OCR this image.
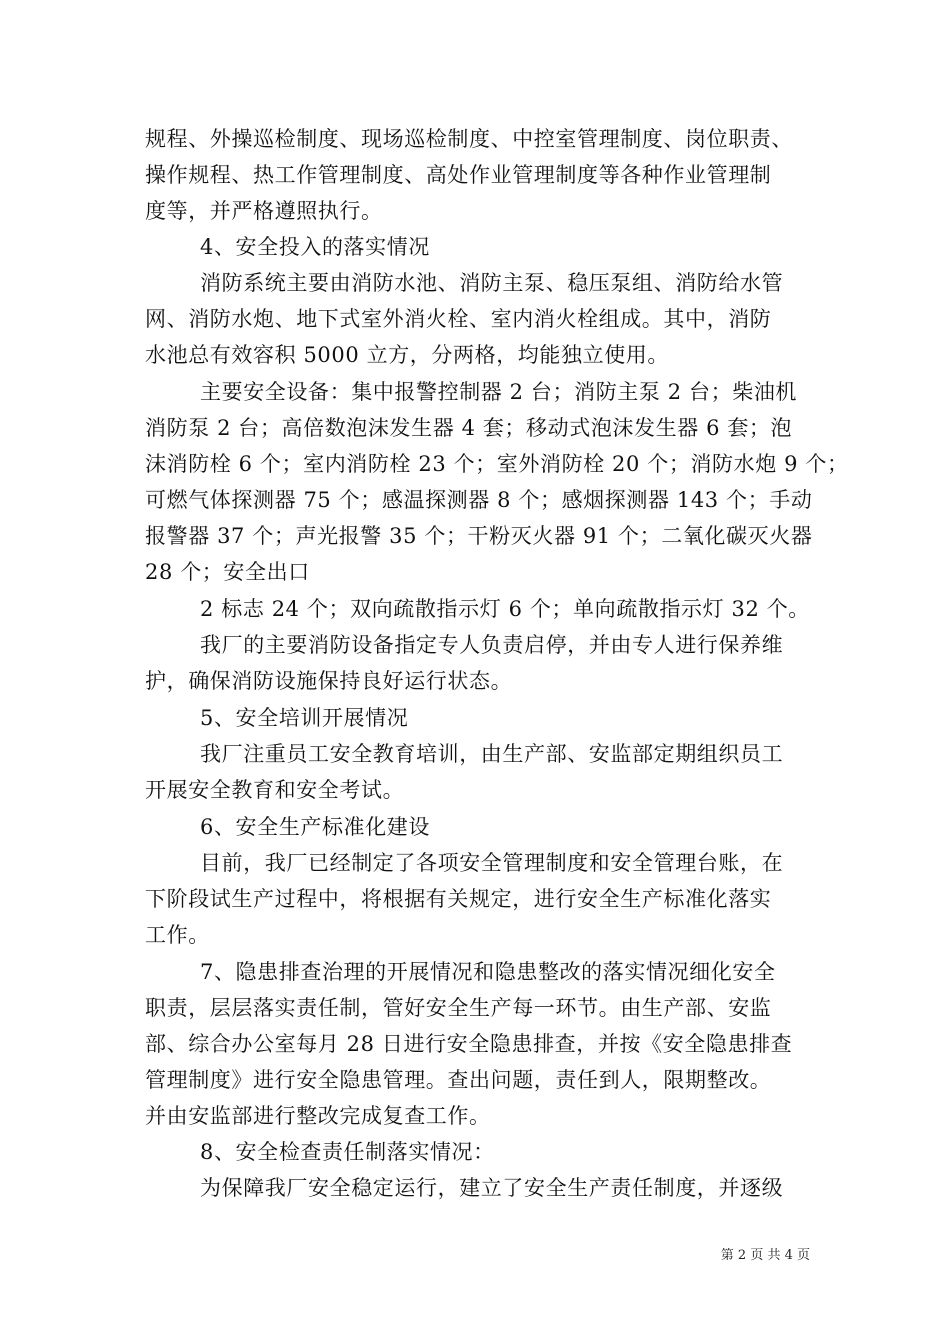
规程、外操巡检制度、现场巡检制度、中控室管理制度、岗位职责、
操作规程、热工作管理制度、高处作业管理制度等各种作业管理制
度等，并严格遵照执行。
4、安全投入的落实情况
消防系统主要由消防水池、消防主泵、稳压泵组、消防给水管
网、消防水炮、地下式室外消火栓、室内消火栓组成。其中，消防
水池总有效容积 5000 立方，分两格，均能独立使用。
主要安全设备：集中报警控制器 2 台；消防主泵 2 台；柴油机
消防泵 2 台；高倍数泡沫发生器 4 套；移动式泡沫发生器 6 套；泡
沫消防栓 6 个；室内消防栓 23 个；室外消防栓 20 个；消防水炮 9 个；
可燃气体探测器 75 个；感温探测器 8 个；感烟探测器 143 个；手动
报警器 37 个；声光报警 35 个；干粉灭火器 91 个；二氧化碳灭火器
28 个；安全出口
2 标志 24 个；双向疏散指示灯 6 个；单向疏散指示灯 32 个。
我厂的主要消防设备指定专人负责启停，并由专人进行保养维
护，确保消防设施保持良好运行状态。
5、安全培训开展情况
我厂注重员工安全教育培训，由生产部、安监部定期组织员工
开展安全教育和安全考试。
6、安全生产标准化建设
目前，我厂已经制定了各项安全管理制度和安全管理台账，在
下阶段试生产过程中，将根据有关规定，进行安全生产标准化落实
工作。
7、隐患排查治理的开展情况和隐患整改的落实情况细化安全
职责，层层落实责任制，管好安全生产每一环节。由生产部、安监
部、综合办公室每月 28 日进行安全隐患排查，并按《安全隐患排查
管理制度》进行安全隐患管理。查出问题，责任到人，限期整改。
并由安监部进行整改完成复查工作。
8、安全检查责任制落实情况：
为保障我厂安全稳定运行，建立了安全生产责任制度，并逐级
第 2 页 共 4 页
